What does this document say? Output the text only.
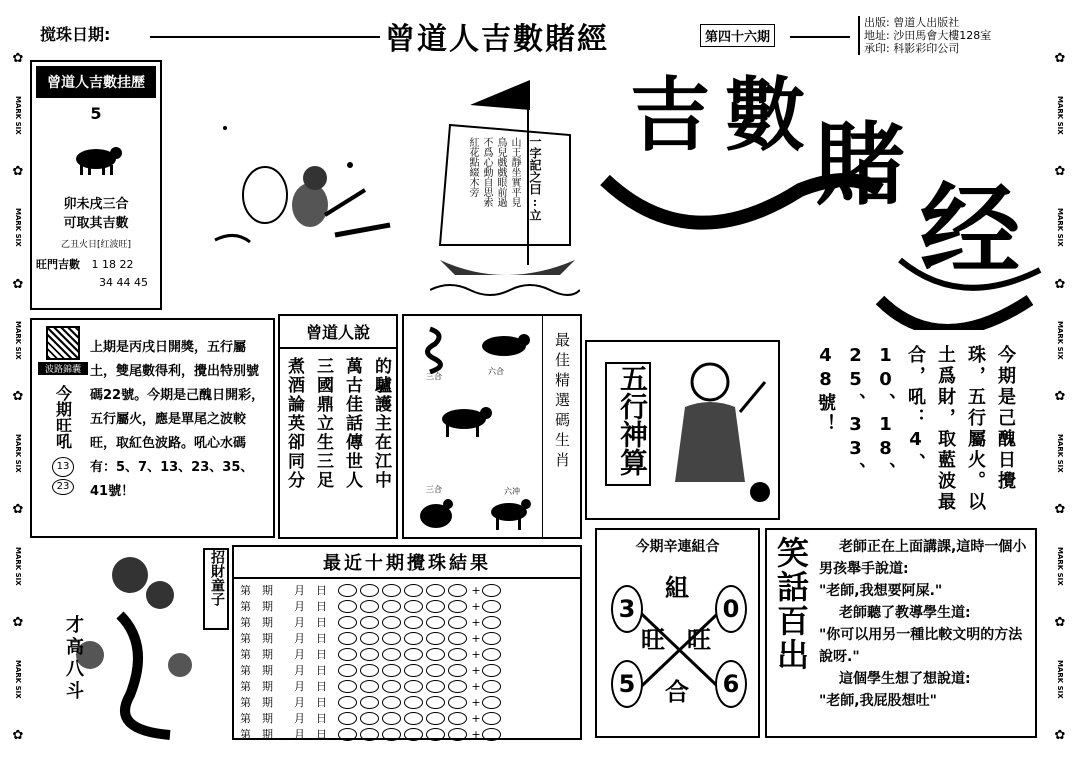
✿
MARK SIX
✿
MARK SIX
✿
MARK SIX
✿
MARK SIX
✿
MARK SIX
✿
MARK SIX
✿
✿
MARK SIX
✿
MARK SIX
✿
MARK SIX
✿
MARK SIX
✿
MARK SIX
✿
MARK SIX
✿
搅珠日期:	曾道人吉數賭經	第四十六期
出版: 曾道人出版社
地址: 沙田馬會大樓128室
承印: 科影彩印公司
曾道人吉數挂歷
5
卯未戌三合
可取其吉數
乙丑火日[红波旺]
旺門吉數 1 18 22
34 44 45
一字記之曰:立
山王靜坐實平見
鳥兒戲戲眼前過
不爲心動自思索
紅花點綴木旁
吉 數 賭
经
波路錦囊
今期旺吼
13
23
上期是丙戌日開獎，五行屬土，雙尾數得利，攪出特別號碼22號。今期是己醜日開彩，五行屬火，應是單尾之波較旺，取紅色波路。吼心水碼有：5、7、13、23、35、41號！
曾道人說
的驢護主在江中
萬古佳話傳世人
三國鼎立生三足
煮酒論英卻同分	三合
六合
三合	六冲
最佳精選碼生肖	五行神算	今期是己醜日攪珠，五行屬火。以土爲財，取藍波最合，吼：4、10、18、25、33、48號！
才高八斗
招財童子	最近十期攪珠結果
第	期	月	日	+
第	期	月	日	+
第	期	月	日	+
第	期	月	日	+
第	期	月	日	+
第	期	月	日	+
第	期	月	日	+
第	期	月	日	+
第	期	月	日	+
第	期	月	日	+
今期辛連組合
3	0
5	6
組
旺 旺
合
笑話百出	老師正在上面講課,這時一個小男孩舉手說道:
"老師,我想要阿屎."
老師聽了教導學生道:
"你可以用另一種比較文明的方法說呀."
這個學生想了想說道:
"老師,我屁股想吐"
